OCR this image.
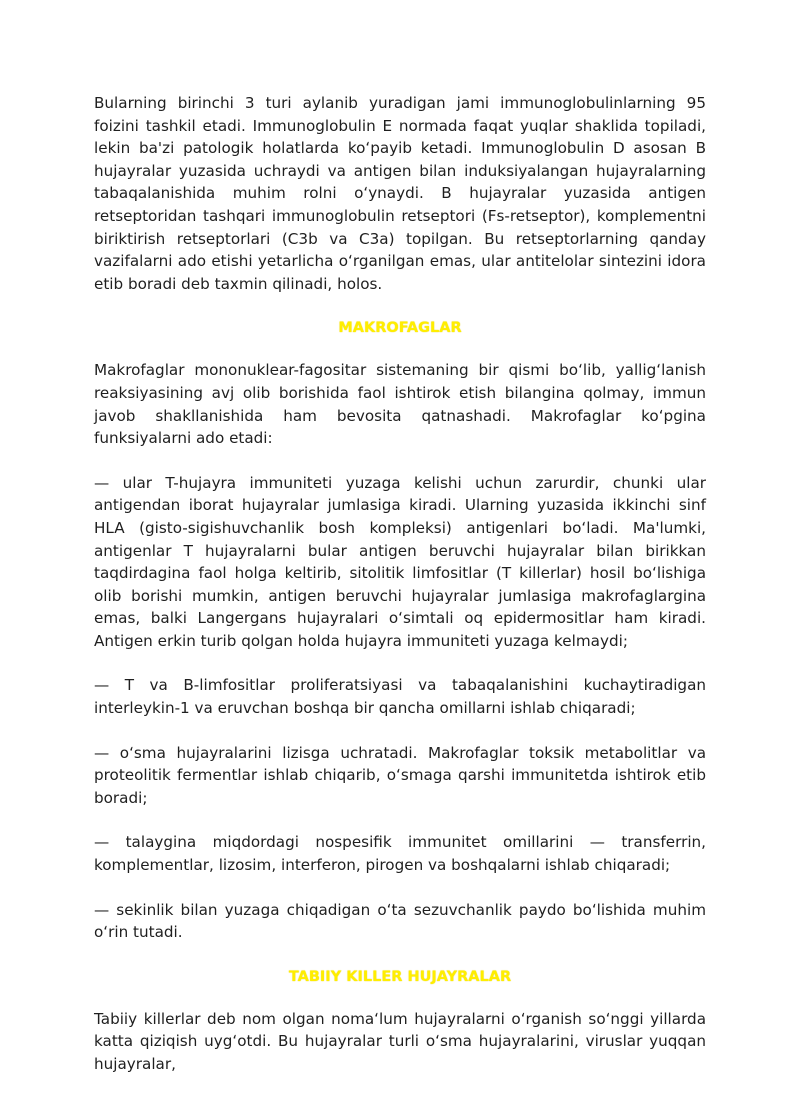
Bularning birinchi 3 turi aylanib yuradigan jami immunoglobulinlarning 95 foizini tashkil etadi. Immunoglobulin E normada faqat yuqlar shaklida topiladi, lekin ba'zi patologik holatlarda koʻpayib ketadi. Immunoglobulin D asosan B hujayralar yuzasida uchraydi va antigen bilan induksiyalangan hujayralarning tabaqalanishida muhim rolni oʻynaydi. B hujayralar yuzasida antigen retseptoridan tashqari immunoglobulin retseptori (Fs-retseptor), komplementni biriktirish retseptorlari (C3b va C3a) topilgan. Bu retseptorlarning qanday vazifalarni ado etishi yetarlicha oʻrganilgan emas, ular antitelolar sintezini idora etib boradi deb taxmin qilinadi, holos.

MAKROFAGLAR

Makrofaglar mononuklear-fagositar sistemaning bir qismi boʻlib, yalligʻlanish reaksiyasining avj olib borishida faol ishtirok etish bilangina qolmay, immun javob shakllanishida ham bevosita qatnashadi. Makrofaglar koʻpgina funksiyalarni ado etadi:

— ular T-hujayra immuniteti yuzaga kelishi uchun zarurdir, chunki ular antigendan iborat hujayralar jumlasiga kiradi. Ularning yuzasida ikkinchi sinf HLA (gisto-sigishuvchanlik bosh kompleksi) antigenlari boʻladi. Ma'lumki, antigenlar T hujayralarni bular antigen beruvchi hujayralar bilan birikkan taqdirdagina faol holga keltirib, sitolitik limfositlar (T killerlar) hosil boʻlishiga olib borishi mumkin, antigen beruvchi hujayralar jumlasiga makrofaglargina emas, balki Langergans hujayralari oʻsimtali oq epidermositlar ham kiradi. Antigen erkin turib qolgan holda hujayra immuniteti yuzaga kelmaydi;

— T va B-limfositlar proliferatsiyasi va tabaqalanishini kuchaytiradigan interleykin-1 va eruvchan boshqa bir qancha omillarni ishlab chiqaradi;

— oʻsma hujayralarini lizisga uchratadi. Makrofaglar toksik metabolitlar va proteolitik fermentlar ishlab chiqarib, oʻsmaga qarshi immunitetda ishtirok etib boradi;

— talaygina miqdordagi nospesifik immunitet omillarini — transferrin, komplementlar, lizosim, interferon, pirogen va boshqalarni ishlab chiqaradi;

— sekinlik bilan yuzaga chiqadigan oʻta sezuvchanlik paydo boʻlishida muhim oʻrin tutadi.

TABIIY KILLER HUJAYRALAR

Tabiiy killerlar deb nom olgan nomaʻlum hujayralarni oʻrganish soʻnggi yillarda katta qiziqish uygʻotdi. Bu hujayralar turli oʻsma hujayralarini, viruslar yuqqan hujayralar,
